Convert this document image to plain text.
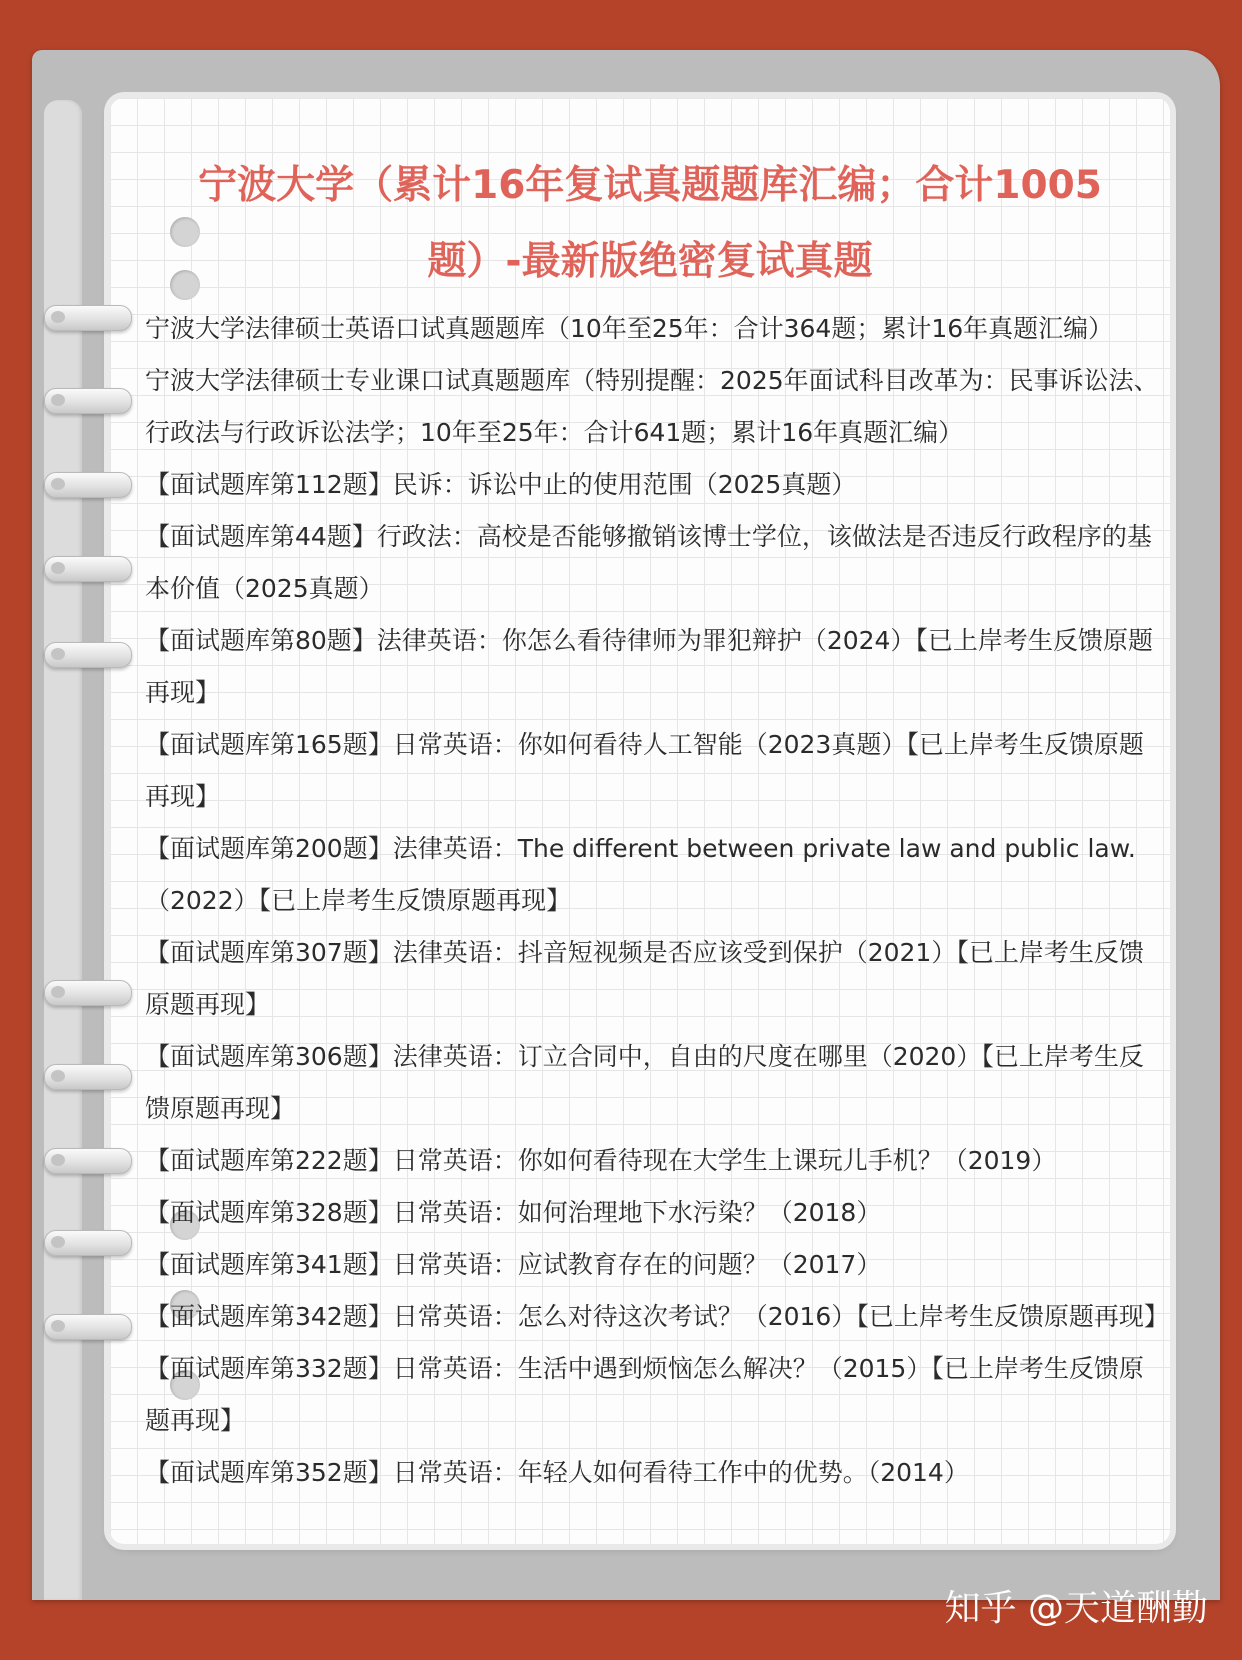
宁波大学（累计16年复试真题题库汇编；合计1005
题）-最新版绝密复试真题

宁波大学法律硕士英语口试真题题库（10年至25年：合计364题；累计16年真题汇编）

宁波大学法律硕士专业课口试真题题库（特别提醒：2025年面试科目改革为：民事诉讼法、行政法与行政诉讼法学；10年至25年：合计641题；累计16年真题汇编）

【面试题库第112题】民诉：诉讼中止的使用范围（2025真题）

【面试题库第44题】行政法：高校是否能够撤销该博士学位，该做法是否违反行政程序的基本价值（2025真题）

【面试题库第80题】法律英语：你怎么看待律师为罪犯辩护（2024）【已上岸考生反馈原题再现】

【面试题库第165题】日常英语：你如何看待人工智能（2023真题）【已上岸考生反馈原题再现】

【面试题库第200题】法律英语：The different between private law and public law.（2022）【已上岸考生反馈原题再现】

【面试题库第307题】法律英语：抖音短视频是否应该受到保护（2021）【已上岸考生反馈原题再现】

【面试题库第306题】法律英语：订立合同中，自由的尺度在哪里（2020）【已上岸考生反馈原题再现】

【面试题库第222题】日常英语：你如何看待现在大学生上课玩儿手机？（2019）

【面试题库第328题】日常英语：如何治理地下水污染？（2018）

【面试题库第341题】日常英语：应试教育存在的问题？（2017）

【面试题库第342题】日常英语：怎么对待这次考试？（2016）【已上岸考生反馈原题再现】

【面试题库第332题】日常英语：生活中遇到烦恼怎么解决？（2015）【已上岸考生反馈原题再现】

【面试题库第352题】日常英语：年轻人如何看待工作中的优势。（2014）

知乎 @天道酬勤
